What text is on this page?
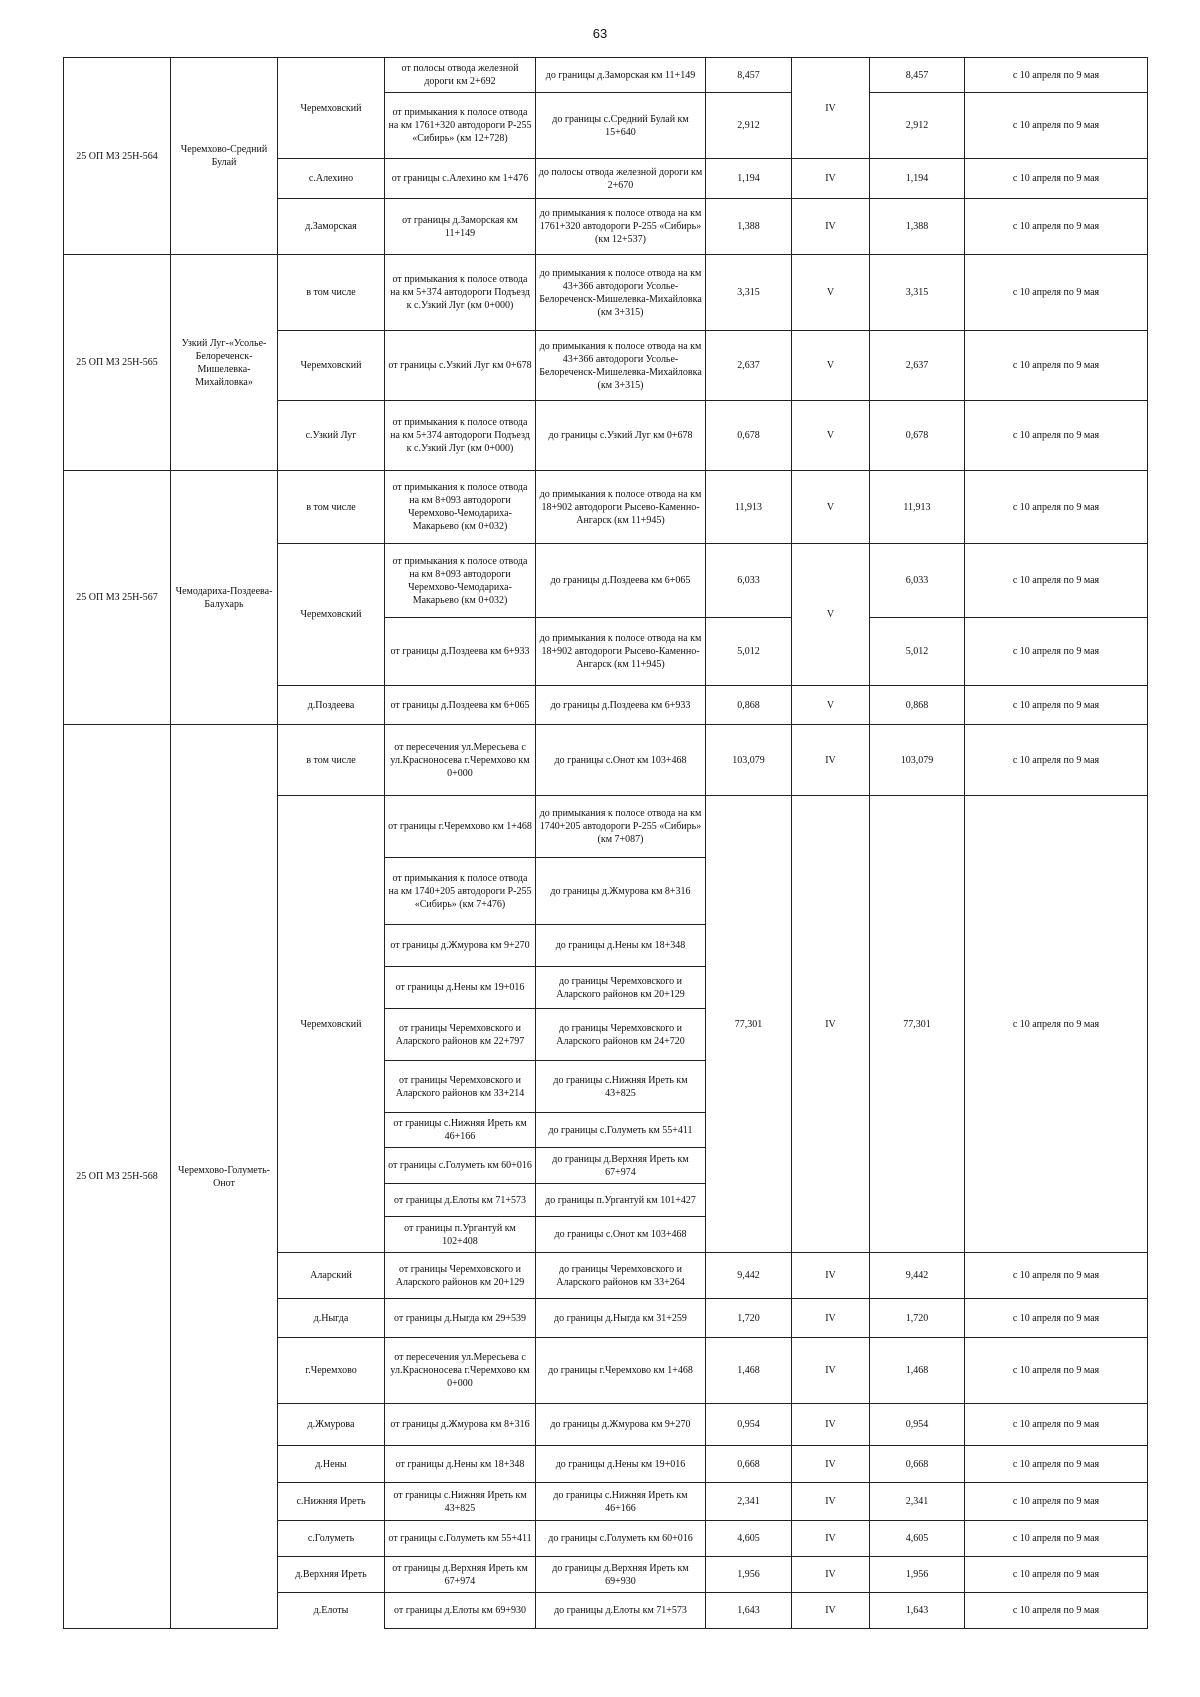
63
25 ОП МЗ 25Н-564	Черемхово-Средний Булай	Черемховский	от полосы отвода железной дороги км 2+692	до границы д.Заморская км 11+149	8,457	IV	8,457	с 10 апреля по 9 мая
			от примыкания к полосе отвода на км 1761+320 автодороги Р-255 «Сибирь» (км 12+728)	до границы с.Средний Булай км 15+640	2,912		2,912	с 10 апреля по 9 мая
		с.Алехино	от границы с.Алехино км 1+476	до полосы отвода железной дороги км 2+670	1,194	IV	1,194	с 10 апреля по 9 мая
		д.Заморская	от границы д.Заморская км 11+149	до примыкания к полосе отвода на км 1761+320 автодороги Р-255 «Сибирь» (км 12+537)	1,388	IV	1,388	с 10 апреля по 9 мая
25 ОП МЗ 25Н-565	Узкий Луг-«Усолье-Белореченск-Мишелевка-Михайловка»	в том числе	от примыкания к полосе отвода на км 5+374 автодороги Подъезд к с.Узкий Луг (км 0+000)	до примыкания к полосе отвода на км 43+366 автодороги Усолье-Белореченск-Мишелевка-Михайловка (км 3+315)	3,315	V	3,315	с 10 апреля по 9 мая
		Черемховский	от границы с.Узкий Луг км 0+678	до примыкания к полосе отвода на км 43+366 автодороги Усолье-Белореченск-Мишелевка-Михайловка (км 3+315)	2,637	V	2,637	с 10 апреля по 9 мая
		с.Узкий Луг	от примыкания к полосе отвода на км 5+374 автодороги Подъезд к с.Узкий Луг (км 0+000)	до границы с.Узкий Луг км 0+678	0,678	V	0,678	с 10 апреля по 9 мая
25 ОП МЗ 25Н-567	Чемодариха-Поздеева-Балухарь	в том числе	от примыкания к полосе отвода на км 8+093 автодороги Черемхово-Чемодариха-Макарьево (км 0+032)	до примыкания к полосе отвода на км 18+902 автодороги Рысево-Каменно-Ангарск (км 11+945)	11,913	V	11,913	с 10 апреля по 9 мая
		Черемховский	от примыкания к полосе отвода на км 8+093 автодороги Черемхово-Чемодариха-Макарьево (км 0+032)	до границы д.Поздеева км 6+065	6,033	V	6,033	с 10 апреля по 9 мая
			от границы д.Поздеева км 6+933	до примыкания к полосе отвода на км 18+902 автодороги Рысево-Каменно-Ангарск (км 11+945)	5,012		5,012	с 10 апреля по 9 мая
		д.Поздеева	от границы д.Поздеева км 6+065	до границы д.Поздеева км 6+933	0,868	V	0,868	с 10 апреля по 9 мая
25 ОП МЗ 25Н-568	Черемхово-Голуметь-Онот	в том числе	от пересечения ул.Мересьева с ул.Красноносева г.Черемхово км 0+000	до границы с.Онот км 103+468	103,079	IV	103,079	с 10 апреля по 9 мая
		Черемховский	от границы г.Черемхово км 1+468	до примыкания к полосе отвода на км 1740+205 автодороги Р-255 «Сибирь» (км 7+087)	77,301	IV	77,301	с 10 апреля по 9 мая
			от примыкания к полосе отвода на км 1740+205 автодороги Р-255 «Сибирь» (км 7+476)	до границы д.Жмурова км 8+316				
			от границы д.Жмурова км 9+270	до границы д.Нены км 18+348				
			от границы д.Нены км 19+016	до границы Черемховского и Аларского районов км 20+129				
			от границы Черемховского и Аларского районов км 22+797	до границы Черемховского и Аларского районов км 24+720				
			от границы Черемховского и Аларского районов км 33+214	до границы с.Нижняя Иреть км 43+825				
			от границы с.Нижняя Иреть км 46+166	до границы с.Голуметь км 55+411				
			от границы с.Голуметь км 60+016	до границы д.Верхняя Иреть км 67+974				
			от границы д.Елоты км 71+573	до границы п.Ургантуй км 101+427				
			от границы п.Ургантуй км 102+408	до границы с.Онот км 103+468				
		Аларский	от границы Черемховского и Аларского районов км 20+129	до границы Черемховского и Аларского районов км 33+264	9,442	IV	9,442	с 10 апреля по 9 мая
		д.Ныгда	от границы д.Ныгда км 29+539	до границы д.Ныгда км 31+259	1,720	IV	1,720	с 10 апреля по 9 мая
		г.Черемхово	от пересечения ул.Мересьева с ул.Красноносева г.Черемхово км 0+000	до границы г.Черемхово км 1+468	1,468	IV	1,468	с 10 апреля по 9 мая
		д.Жмурова	от границы д.Жмурова км 8+316	до границы д.Жмурова км 9+270	0,954	IV	0,954	с 10 апреля по 9 мая
		д.Нены	от границы д.Нены км 18+348	до границы д.Нены км 19+016	0,668	IV	0,668	с 10 апреля по 9 мая
		с.Нижняя Иреть	от границы с.Нижняя Иреть км 43+825	до границы с.Нижняя Иреть км 46+166	2,341	IV	2,341	с 10 апреля по 9 мая
		с.Голуметь	от границы с.Голуметь км 55+411	до границы с.Голуметь км 60+016	4,605	IV	4,605	с 10 апреля по 9 мая
		д.Верхняя Иреть	от границы д.Верхняя Иреть км 67+974	до границы д.Верхняя Иреть км 69+930	1,956	IV	1,956	с 10 апреля по 9 мая
		д.Елоты	от границы д.Елоты км 69+930	до границы д.Елоты км 71+573	1,643	IV	1,643	с 10 апреля по 9 мая
